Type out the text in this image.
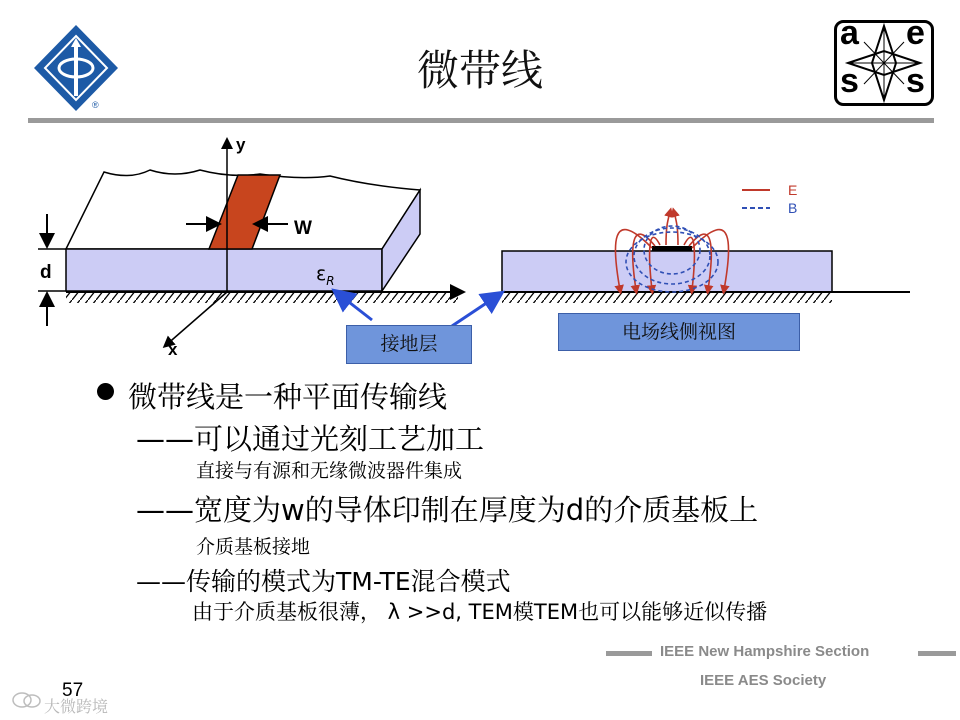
®
a e
s s
微带线
y
x
W
d	$\varepsilon_R$
E
B
接地层
电场线侧视图
微带线是一种平面传输线
——可以通过光刻工艺加工
直接与有源和无缘微波器件集成
——宽度为w的导体印制在厚度为d的介质基板上
介质基板接地
——传输的模式为TM-TE混合模式
由于介质基板很薄， λ >>d, TEM模TEM也可以能够近似传播
IEEE New Hampshire Section
IEEE AES Society
57
大微跨境
